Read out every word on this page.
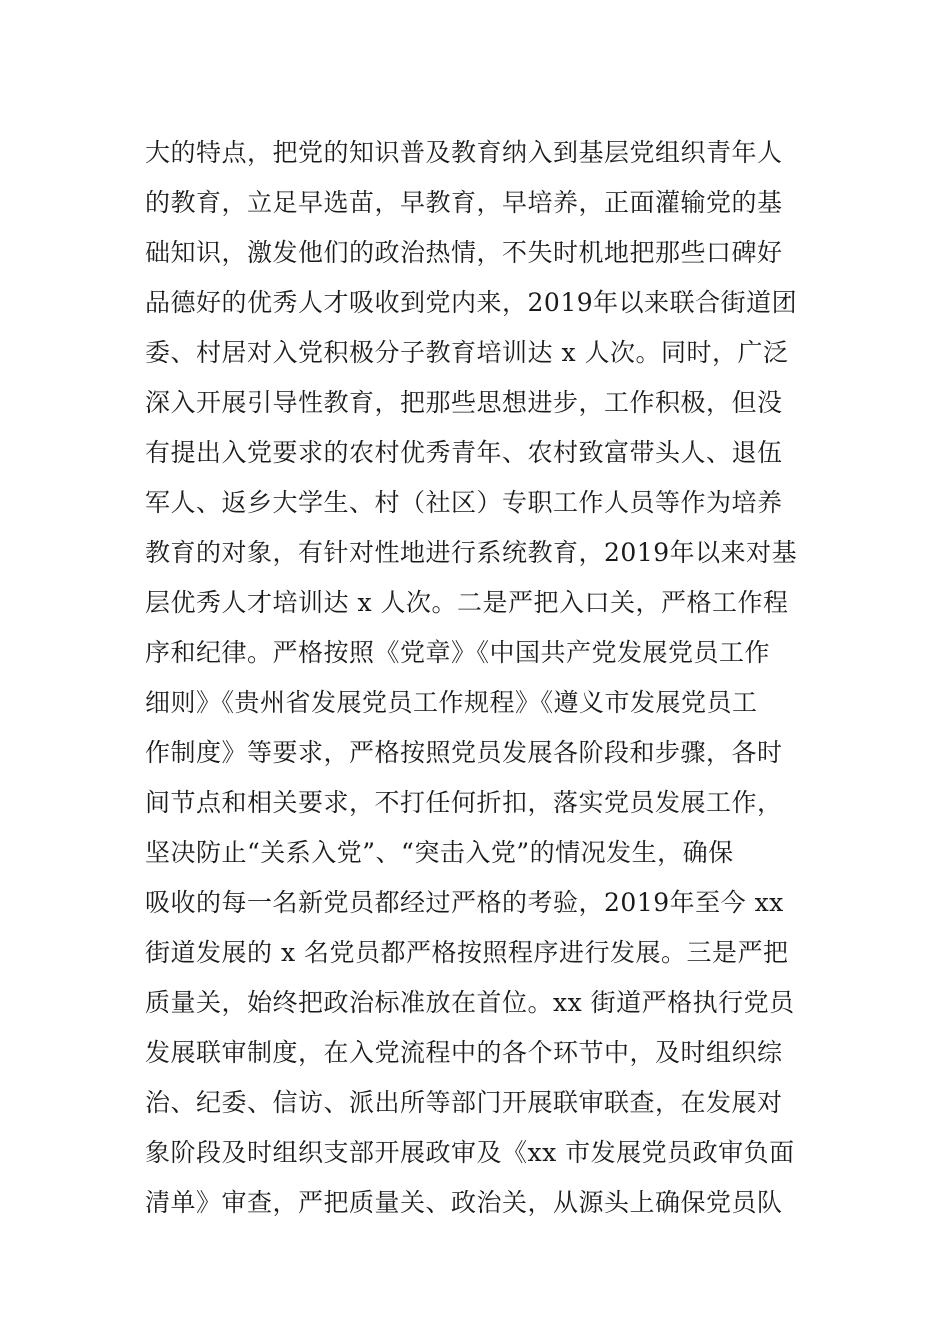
大的特点，把党的知识普及教育纳入到基层党组织青年人
的教育，立足早选苗，早教育，早培养，正面灌输党的基
础知识，激发他们的政治热情，不失时机地把那些口碑好
品德好的优秀人才吸收到党内来，2019年以来联合街道团
委、村居对入党积极分子教育培训达 x 人次。同时，广泛
深入开展引导性教育，把那些思想进步，工作积极，但没
有提出入党要求的农村优秀青年、农村致富带头人、退伍
军人、返乡大学生、村（社区）专职工作人员等作为培养
教育的对象，有针对性地进行系统教育，2019年以来对基
层优秀人才培训达 x 人次。二是严把入口关，严格工作程
序和纪律。严格按照《党章》《中国共产党发展党员工作
细则》《贵州省发展党员工作规程》《遵义市发展党员工
作制度》等要求，严格按照党员发展各阶段和步骤，各时
间节点和相关要求，不打任何折扣，落实党员发展工作，
坚决防止“关系入党”、“突击入党”的情况发生，确保
吸收的每一名新党员都经过严格的考验，2019年至今 xx
街道发展的 x 名党员都严格按照程序进行发展。三是严把
质量关，始终把政治标准放在首位。xx 街道严格执行党员
发展联审制度，在入党流程中的各个环节中，及时组织综
治、纪委、信访、派出所等部门开展联审联查，在发展对
象阶段及时组织支部开展政审及《xx 市发展党员政审负面
清单》审查，严把质量关、政治关，从源头上确保党员队
